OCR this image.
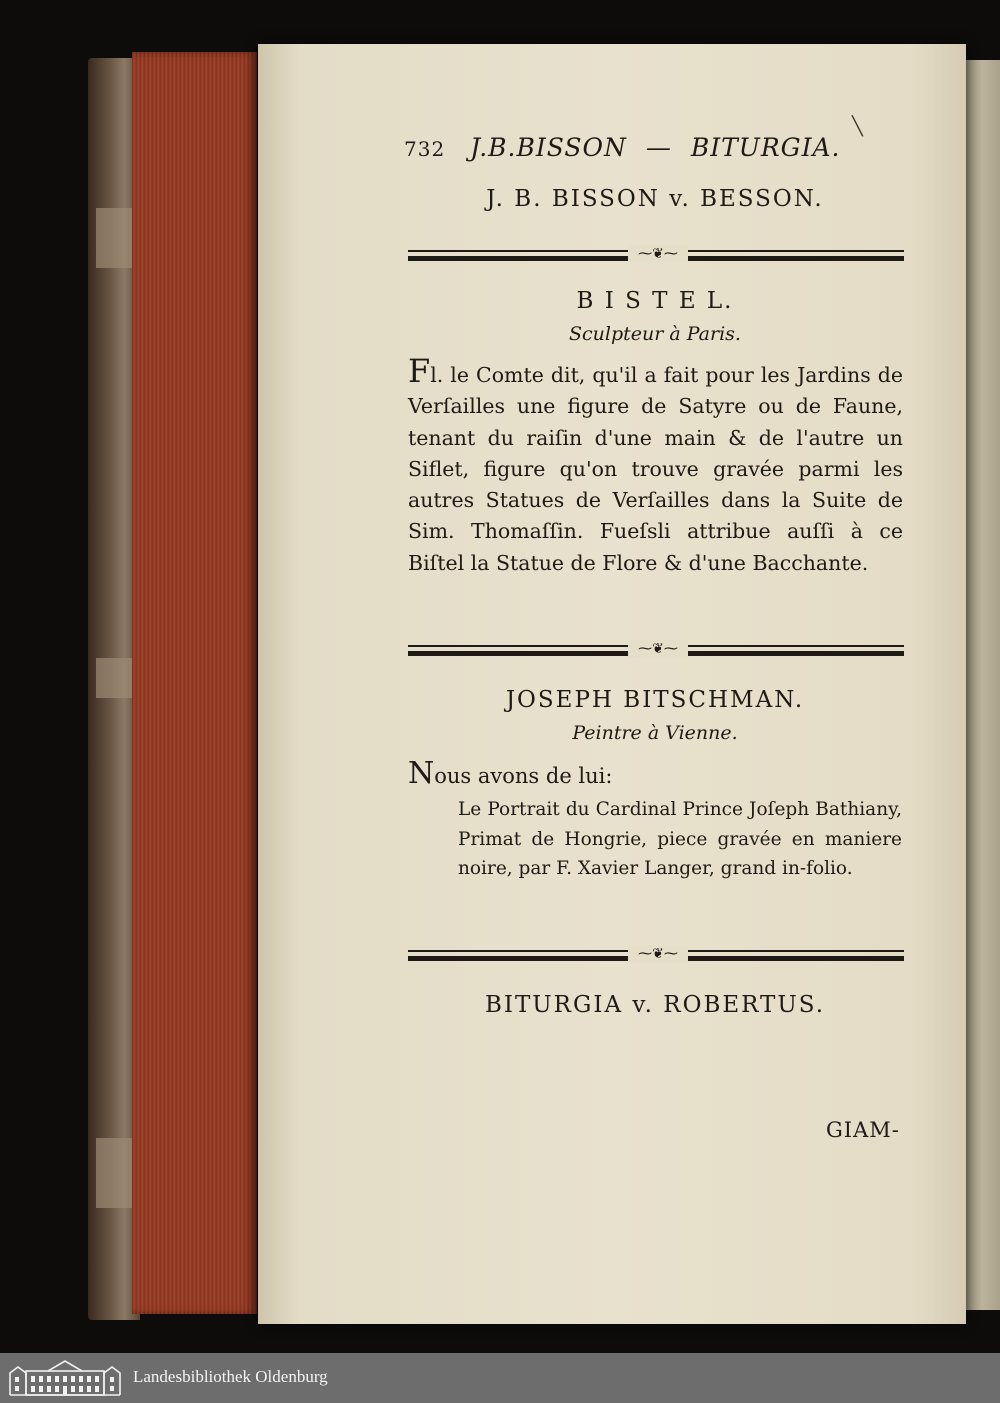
╲
732 J.B.BISSON — BITURGIA.
J. B. BISSON v. BESSON.
⁓❦⁓
B I S T E L.
Sculpteur à Paris.
Fl. le Comte dit, qu'il a fait pour les Jardins de Verſailles une figure de Satyre ou de Faune, tenant du raiſin d'une main & de l'autre un Siflet, figure qu'on trouve gravée parmi les autres Statues de Verſailles dans la Suite de Sim. Thomaſſin. Fueſsli attribue auſſi à ce Biſtel la Statue de Flore & d'une Bacchante.
⁓❦⁓
JOSEPH BITSCHMAN.
Peintre à Vienne.
Nous avons de lui:
Le Portrait du Cardinal Prince Joſeph Bathiany, Primat de Hongrie, piece gravée en maniere noire, par F. Xavier Langer, grand in-folio.
⁓❦⁓
BITURGIA v. ROBERTUS.
GIAM-
Landesbibliothek Oldenburg
